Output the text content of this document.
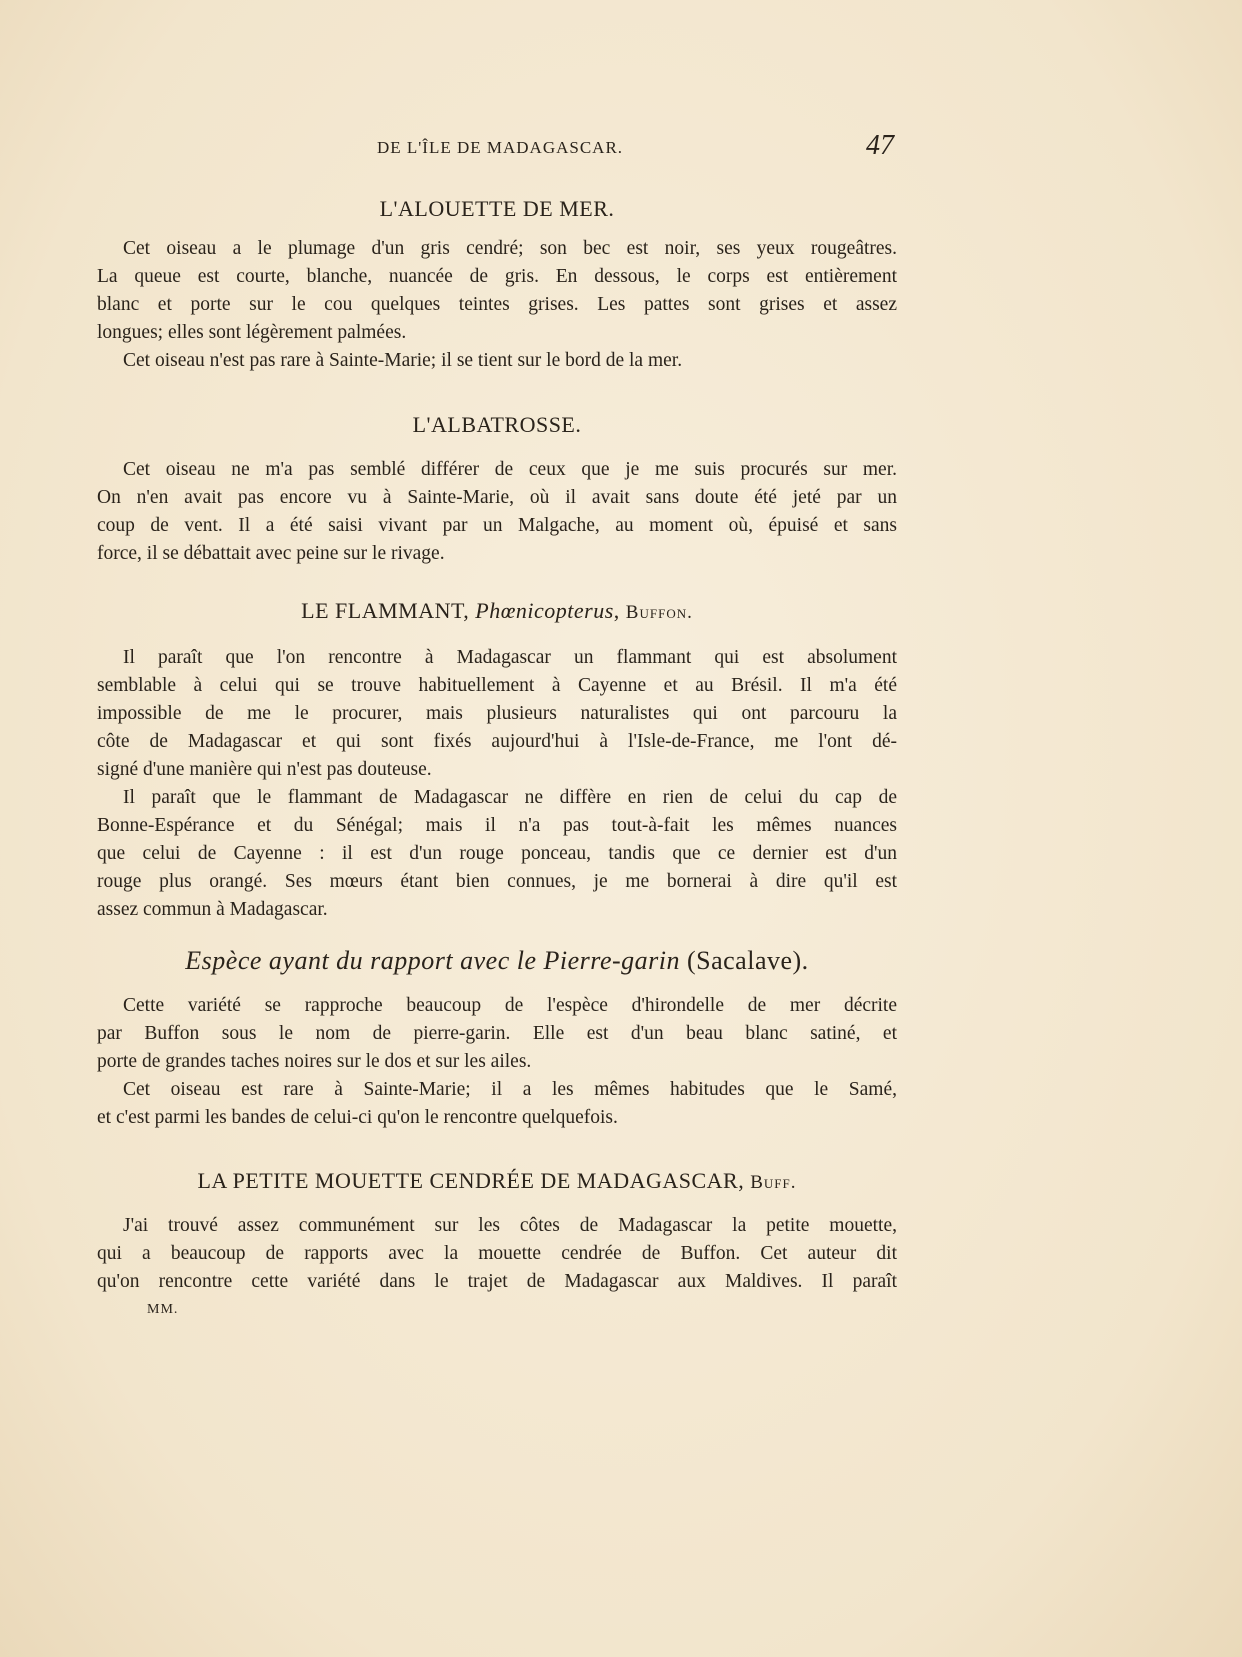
DE L'ÎLE DE MADAGASCAR.	47
L'ALOUETTE DE MER.
Cet oiseau a le plumage d'un gris cendré; son bec est noir, ses yeux rougeâtres.
La queue est courte, blanche, nuancée de gris. En dessous, le corps est entièrement
blanc et porte sur le cou quelques teintes grises. Les pattes sont grises et assez
longues; elles sont légèrement palmées.
Cet oiseau n'est pas rare à Sainte-Marie; il se tient sur le bord de la mer.
L'ALBATROSSE.
Cet oiseau ne m'a pas semblé différer de ceux que je me suis procurés sur mer.
On n'en avait pas encore vu à Sainte-Marie, où il avait sans doute été jeté par un
coup de vent. Il a été saisi vivant par un Malgache, au moment où, épuisé et sans
force, il se débattait avec peine sur le rivage.
LE FLAMMANT, Phœnicopterus, Buffon.
Il paraît que l'on rencontre à Madagascar un flammant qui est absolument
semblable à celui qui se trouve habituellement à Cayenne et au Brésil. Il m'a été
impossible de me le procurer, mais plusieurs naturalistes qui ont parcouru la
côte de Madagascar et qui sont fixés aujourd'hui à l'Isle-de-France, me l'ont dé-
signé d'une manière qui n'est pas douteuse.
Il paraît que le flammant de Madagascar ne diffère en rien de celui du cap de
Bonne-Espérance et du Sénégal; mais il n'a pas tout-à-fait les mêmes nuances
que celui de Cayenne : il est d'un rouge ponceau, tandis que ce dernier est d'un
rouge plus orangé. Ses mœurs étant bien connues, je me bornerai à dire qu'il est
assez commun à Madagascar.
Espèce ayant du rapport avec le Pierre-garin (Sacalave).
Cette variété se rapproche beaucoup de l'espèce d'hirondelle de mer décrite
par Buffon sous le nom de pierre-garin. Elle est d'un beau blanc satiné, et
porte de grandes taches noires sur le dos et sur les ailes.
Cet oiseau est rare à Sainte-Marie; il a les mêmes habitudes que le Samé,
et c'est parmi les bandes de celui-ci qu'on le rencontre quelquefois.
LA PETITE MOUETTE CENDRÉE DE MADAGASCAR, Buff.
J'ai trouvé assez communément sur les côtes de Madagascar la petite mouette,
qui a beaucoup de rapports avec la mouette cendrée de Buffon. Cet auteur dit
qu'on rencontre cette variété dans le trajet de Madagascar aux Maldives. Il paraît
MM.
